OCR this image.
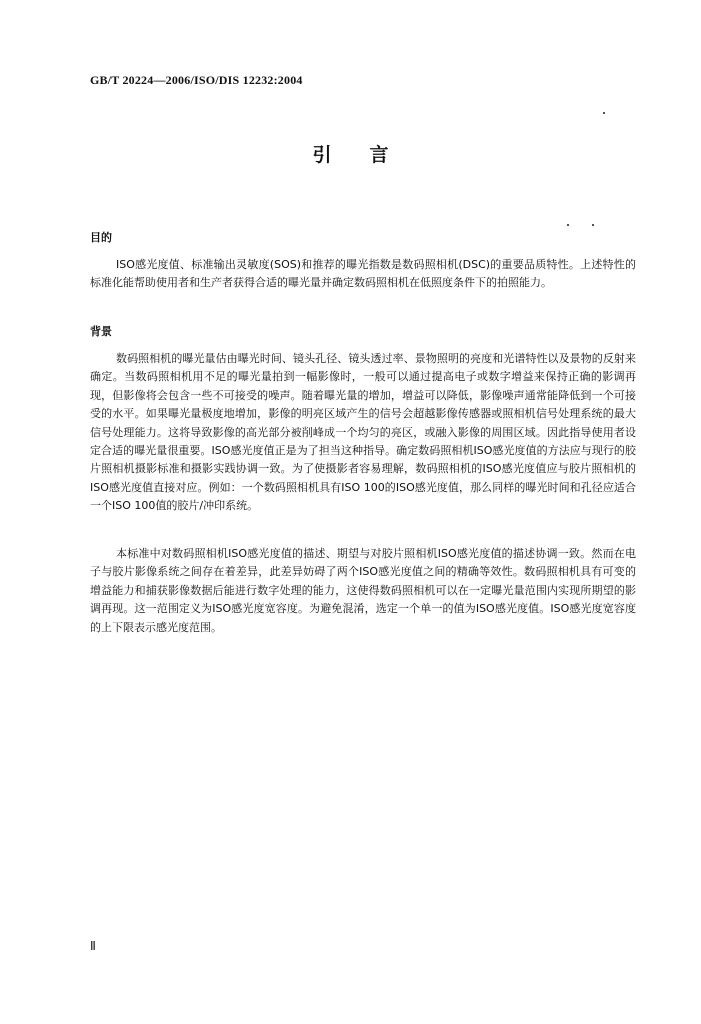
GB/T 20224—2006/ISO/DIS 12232:2004
引言
目的

ISO感光度值、标准输出灵敏度(SOS)和推荐的曝光指数是数码照相机(DSC)的重要品质特性。上述特性的标准化能帮助使用者和生产者获得合适的曝光量并确定数码照相机在低照度条件下的拍照能力。

背景

数码照相机的曝光量估由曝光时间、镜头孔径、镜头透过率、景物照明的亮度和光谱特性以及景物的反射来确定。当数码照相机用不足的曝光量拍到一幅影像时，一般可以通过提高电子或数字增益来保持正确的影调再现，但影像将会包含一些不可接受的噪声。随着曝光量的增加，增益可以降低，影像噪声通常能降低到一个可接受的水平。如果曝光量极度地增加，影像的明亮区域产生的信号会超越影像传感器或照相机信号处理系统的最大信号处理能力。这将导致影像的高光部分被削峰成一个均匀的亮区，或融入影像的周围区域。因此指导使用者设定合适的曝光量很重要。ISO感光度值正是为了担当这种指导。确定数码照相机ISO感光度值的方法应与现行的胶片照相机摄影标准和摄影实践协调一致。为了使摄影者容易理解，数码照相机的ISO感光度值应与胶片照相机的ISO感光度值直接对应。例如：一个数码照相机具有ISO 100的ISO感光度值，那么同样的曝光时间和孔径应适合一个ISO 100值的胶片/冲印系统。

本标准中对数码照相机ISO感光度值的描述、期望与对胶片照相机ISO感光度值的描述协调一致。然而在电子与胶片影像系统之间存在着差异，此差异妨碍了两个ISO感光度值之间的精确等效性。数码照相机具有可变的增益能力和捕获影像数据后能进行数字处理的能力，这使得数码照相机可以在一定曝光量范围内实现所期望的影调再现。这一范围定义为ISO感光度宽容度。为避免混淆，选定一个单一的值为ISO感光度值。ISO感光度宽容度的上下限表示感光度范围。

Ⅱ
